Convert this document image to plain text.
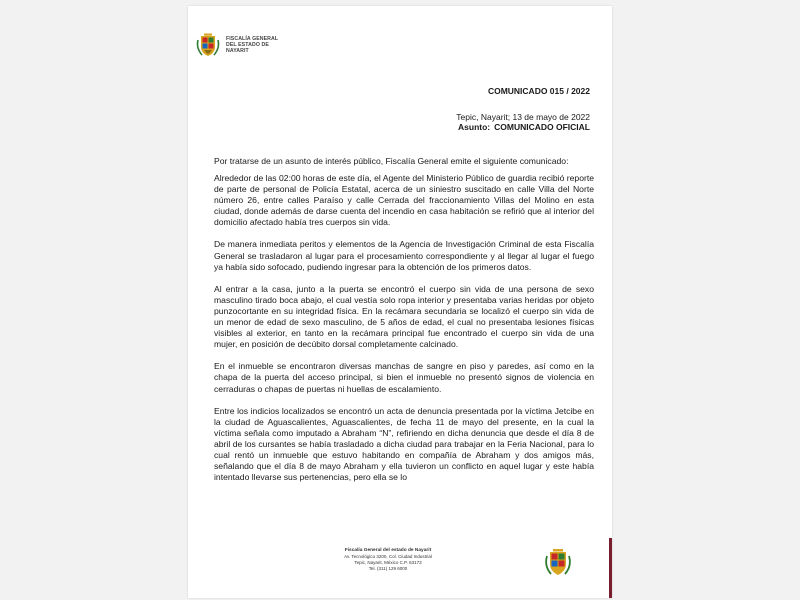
FISCALÍA GENERAL
DEL ESTADO DE
NAYARIT
COMUNICADO 015 / 2022
Tepic, Nayarit; 13 de mayo de 2022
Asunto: COMUNICADO OFICIAL
Por tratarse de un asunto de interés público, Fiscalía General emite el siguiente comunicado:

Alrededor de las 02:00 horas de este día, el Agente del Ministerio Público de guardia recibió reporte de parte de personal de Policía Estatal, acerca de un siniestro suscitado en calle Villa del Norte número 26, entre calles Paraíso y calle Cerrada del fraccionamiento Villas del Molino en esta ciudad, donde además de darse cuenta del incendio en casa habitación se refirió que al interior del domicilio afectado había tres cuerpos sin vida.

De manera inmediata peritos y elementos de la Agencia de Investigación Criminal de esta Fiscalía General se trasladaron al lugar para el procesamiento correspondiente y al llegar al lugar el fuego ya había sido sofocado, pudiendo ingresar para la obtención de los primeros datos.

Al entrar a la casa, junto a la puerta se encontró el cuerpo sin vida de una persona de sexo masculino tirado boca abajo, el cual vestía solo ropa interior y presentaba varias heridas por objeto punzocortante en su integridad física. En la recámara secundaria se localizó el cuerpo sin vida de un menor de edad de sexo masculino, de 5 años de edad, el cual no presentaba lesiones físicas visibles al exterior, en tanto en la recámara principal fue encontrado el cuerpo sin vida de una mujer, en posición de decúbito dorsal completamente calcinado.

En el inmueble se encontraron diversas manchas de sangre en piso y paredes, así como en la chapa de la puerta del acceso principal, si bien el inmueble no presentó signos de violencia en cerraduras o chapas de puertas ni huellas de escalamiento.

Entre los indicios localizados se encontró un acta de denuncia presentada por la víctima Jetcibe en la ciudad de Aguascalientes, Aguascalientes, de fecha 11 de mayo del presente, en la cual la víctima señala como imputado a Abraham “N”, refiriendo en dicha denuncia que desde el día 8 de abril de los cursantes se había trasladado a dicha ciudad para trabajar en la Feria Nacional, para lo cual rentó un inmueble que estuvo habitando en compañía de Abraham y dos amigos más, señalando que el día 8 de mayo Abraham y ella tuvieron un conflicto en aquel lugar y este había intentado llevarse sus pertenencias, pero ella se lo

Fiscalía General del estado de Nayarit
Av. Tecnológico 3200, Col. Ciudad Industrial
Tepic, Nayarit, México C.P. 63173
Tel. (311) 129 6000
